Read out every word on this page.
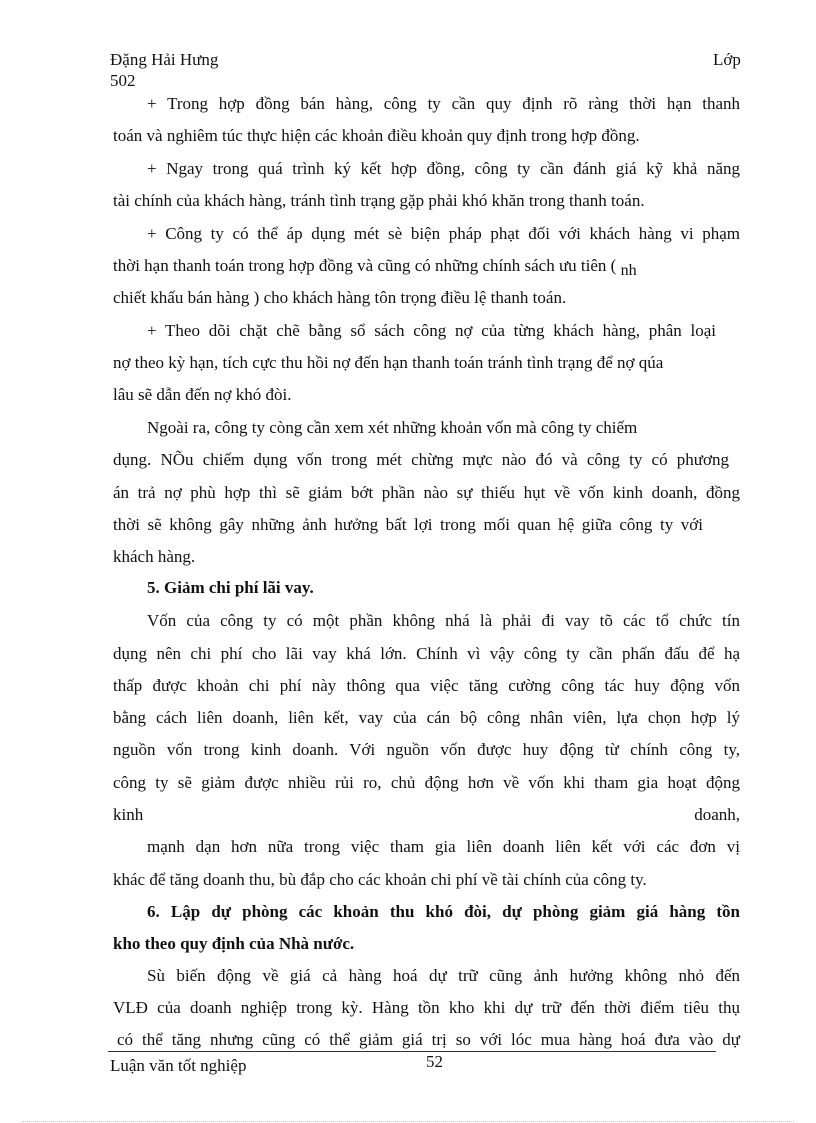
Đặng Hải Hưng	Lớp
502
+ Trong hợp đồng bán hàng, công ty cần quy định rõ ràng thời hạn thanh
toán và nghiêm túc thực hiện các khoản điều khoản quy định trong hợp đồng.
+ Ngay trong quá trình ký kết hợp đồng, công ty cần đánh giá kỹ khả năng
tài chính của khách hàng, tránh tình trạng gặp phải khó khăn trong thanh toán.
+ Công ty có thể áp dụng mét sè biện pháp phạt đối với khách hàng vi phạm
thời hạn thanh toán trong hợp đồng và cũng có những chính sách ưu tiên ( nh
chiết khấu bán hàng ) cho khách hàng tôn trọng điều lệ thanh toán.
+ Theo dõi chặt chẽ bằng sổ sách công nợ của từng khách hàng, phân loại
nợ theo kỳ hạn, tích cực thu hồi nợ đến hạn thanh toán tránh tình trạng để nợ qúa
lâu sẽ dẫn đến nợ khó đòi.
Ngoài ra, công ty còng cần xem xét những khoản vốn mà công ty chiếm
dụng. NÕu chiếm dụng vốn trong mét chừng mực nào đó và công ty có phương
án trả nợ phù hợp thì sẽ giảm bớt phần nào sự thiếu hụt về vốn kinh doanh, đồng
thời sẽ không gây những ảnh hưởng bất lợi trong mối quan hệ giữa công ty với
khách hàng.
5. Giảm chi phí lãi vay.
Vốn của công ty có một phần không nhá là phải đi vay tõ các tổ chức tín
dụng nên chi phí cho lãi vay khá lớn. Chính vì vậy công ty cần phấn đấu để hạ
thấp được khoản chi phí này thông qua việc tăng cường công tác huy động vốn
bằng cách liên doanh, liên kết, vay của cán bộ công nhân viên, lựa chọn hợp lý
nguồn vốn trong kinh doanh. Với nguồn vốn được huy động từ chính công ty,
công ty sẽ giảm được nhiều rủi ro, chủ động hơn về vốn khi tham gia hoạt động
kinh	doanh,
mạnh dạn hơn nữa trong việc tham gia liên doanh liên kết với các đơn vị
khác để tăng doanh thu, bù đắp cho các khoản chi phí về tài chính của công ty.
6. Lập dự phòng các khoản thu khó đòi, dự phòng giảm giá hàng tồn
kho theo quy định của Nhà nước.
Sù biến động về giá cả hàng hoá dự trữ cũng ảnh hưởng không nhỏ đến
VLĐ của doanh nghiệp trong kỳ. Hàng tồn kho khi dự trữ đến thời điểm tiêu thụ
có thể tăng nhưng cũng có thể giảm giá trị so với lóc mua hàng hoá đưa vào dự
Luận văn tốt nghiệp	52
